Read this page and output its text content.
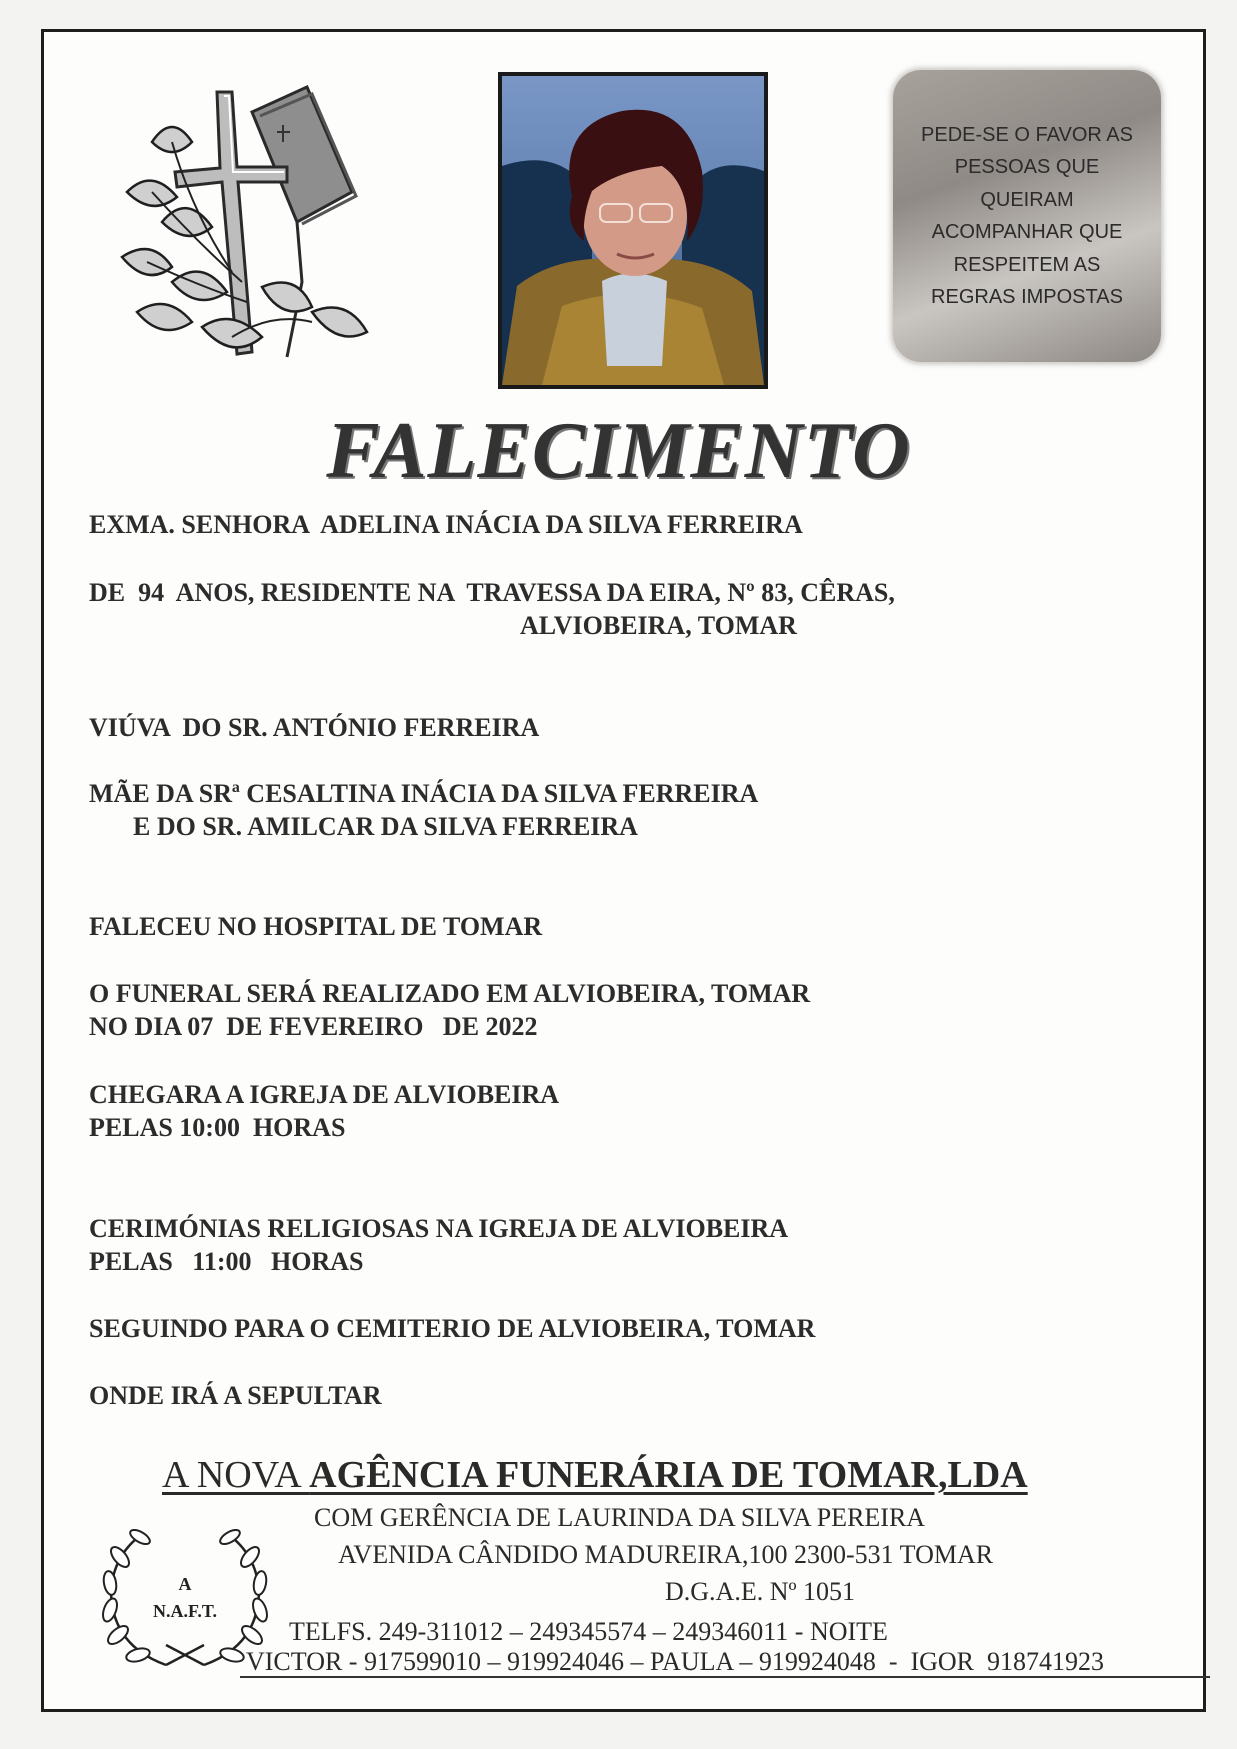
PEDE-SE O FAVOR AS
PESSOAS QUE
QUEIRAM
ACOMPANHAR QUE
RESPEITEM AS
REGRAS IMPOSTAS
FALECIMENTO
EXMA. SENHORA  ADELINA INÁCIA DA SILVA FERREIRA
DE  94  ANOS, RESIDENTE NA  TRAVESSA DA EIRA, Nº 83, CÊRAS,
ALVIOBEIRA, TOMAR
VIÚVA  DO SR. ANTÓNIO FERREIRA
MÃE DA SRª CESALTINA INÁCIA DA SILVA FERREIRA
E DO SR. AMILCAR DA SILVA FERREIRA
FALECEU NO HOSPITAL DE TOMAR
O FUNERAL SERÁ REALIZADO EM ALVIOBEIRA, TOMAR
NO DIA 07  DE FEVEREIRO   DE 2022
CHEGARA A IGREJA DE ALVIOBEIRA
PELAS 10:00  HORAS
CERIMÓNIAS RELIGIOSAS NA IGREJA DE ALVIOBEIRA
PELAS   11:00   HORAS
SEGUINDO PARA O CEMITERIO DE ALVIOBEIRA, TOMAR
ONDE IRÁ A SEPULTAR
A NOVA AGÊNCIA FUNERÁRIA DE TOMAR,LDA
COM GERÊNCIA DE LAURINDA DA SILVA PEREIRA
AVENIDA CÂNDIDO MADUREIRA,100 2300-531 TOMAR
D.G.A.E. Nº 1051
TELFS. 249-311012 – 249345574 – 249346011 - NOITE
VICTOR - 917599010 – 919924046 – PAULA – 919924048  -  IGOR  918741923
A
N.A.F.T.
